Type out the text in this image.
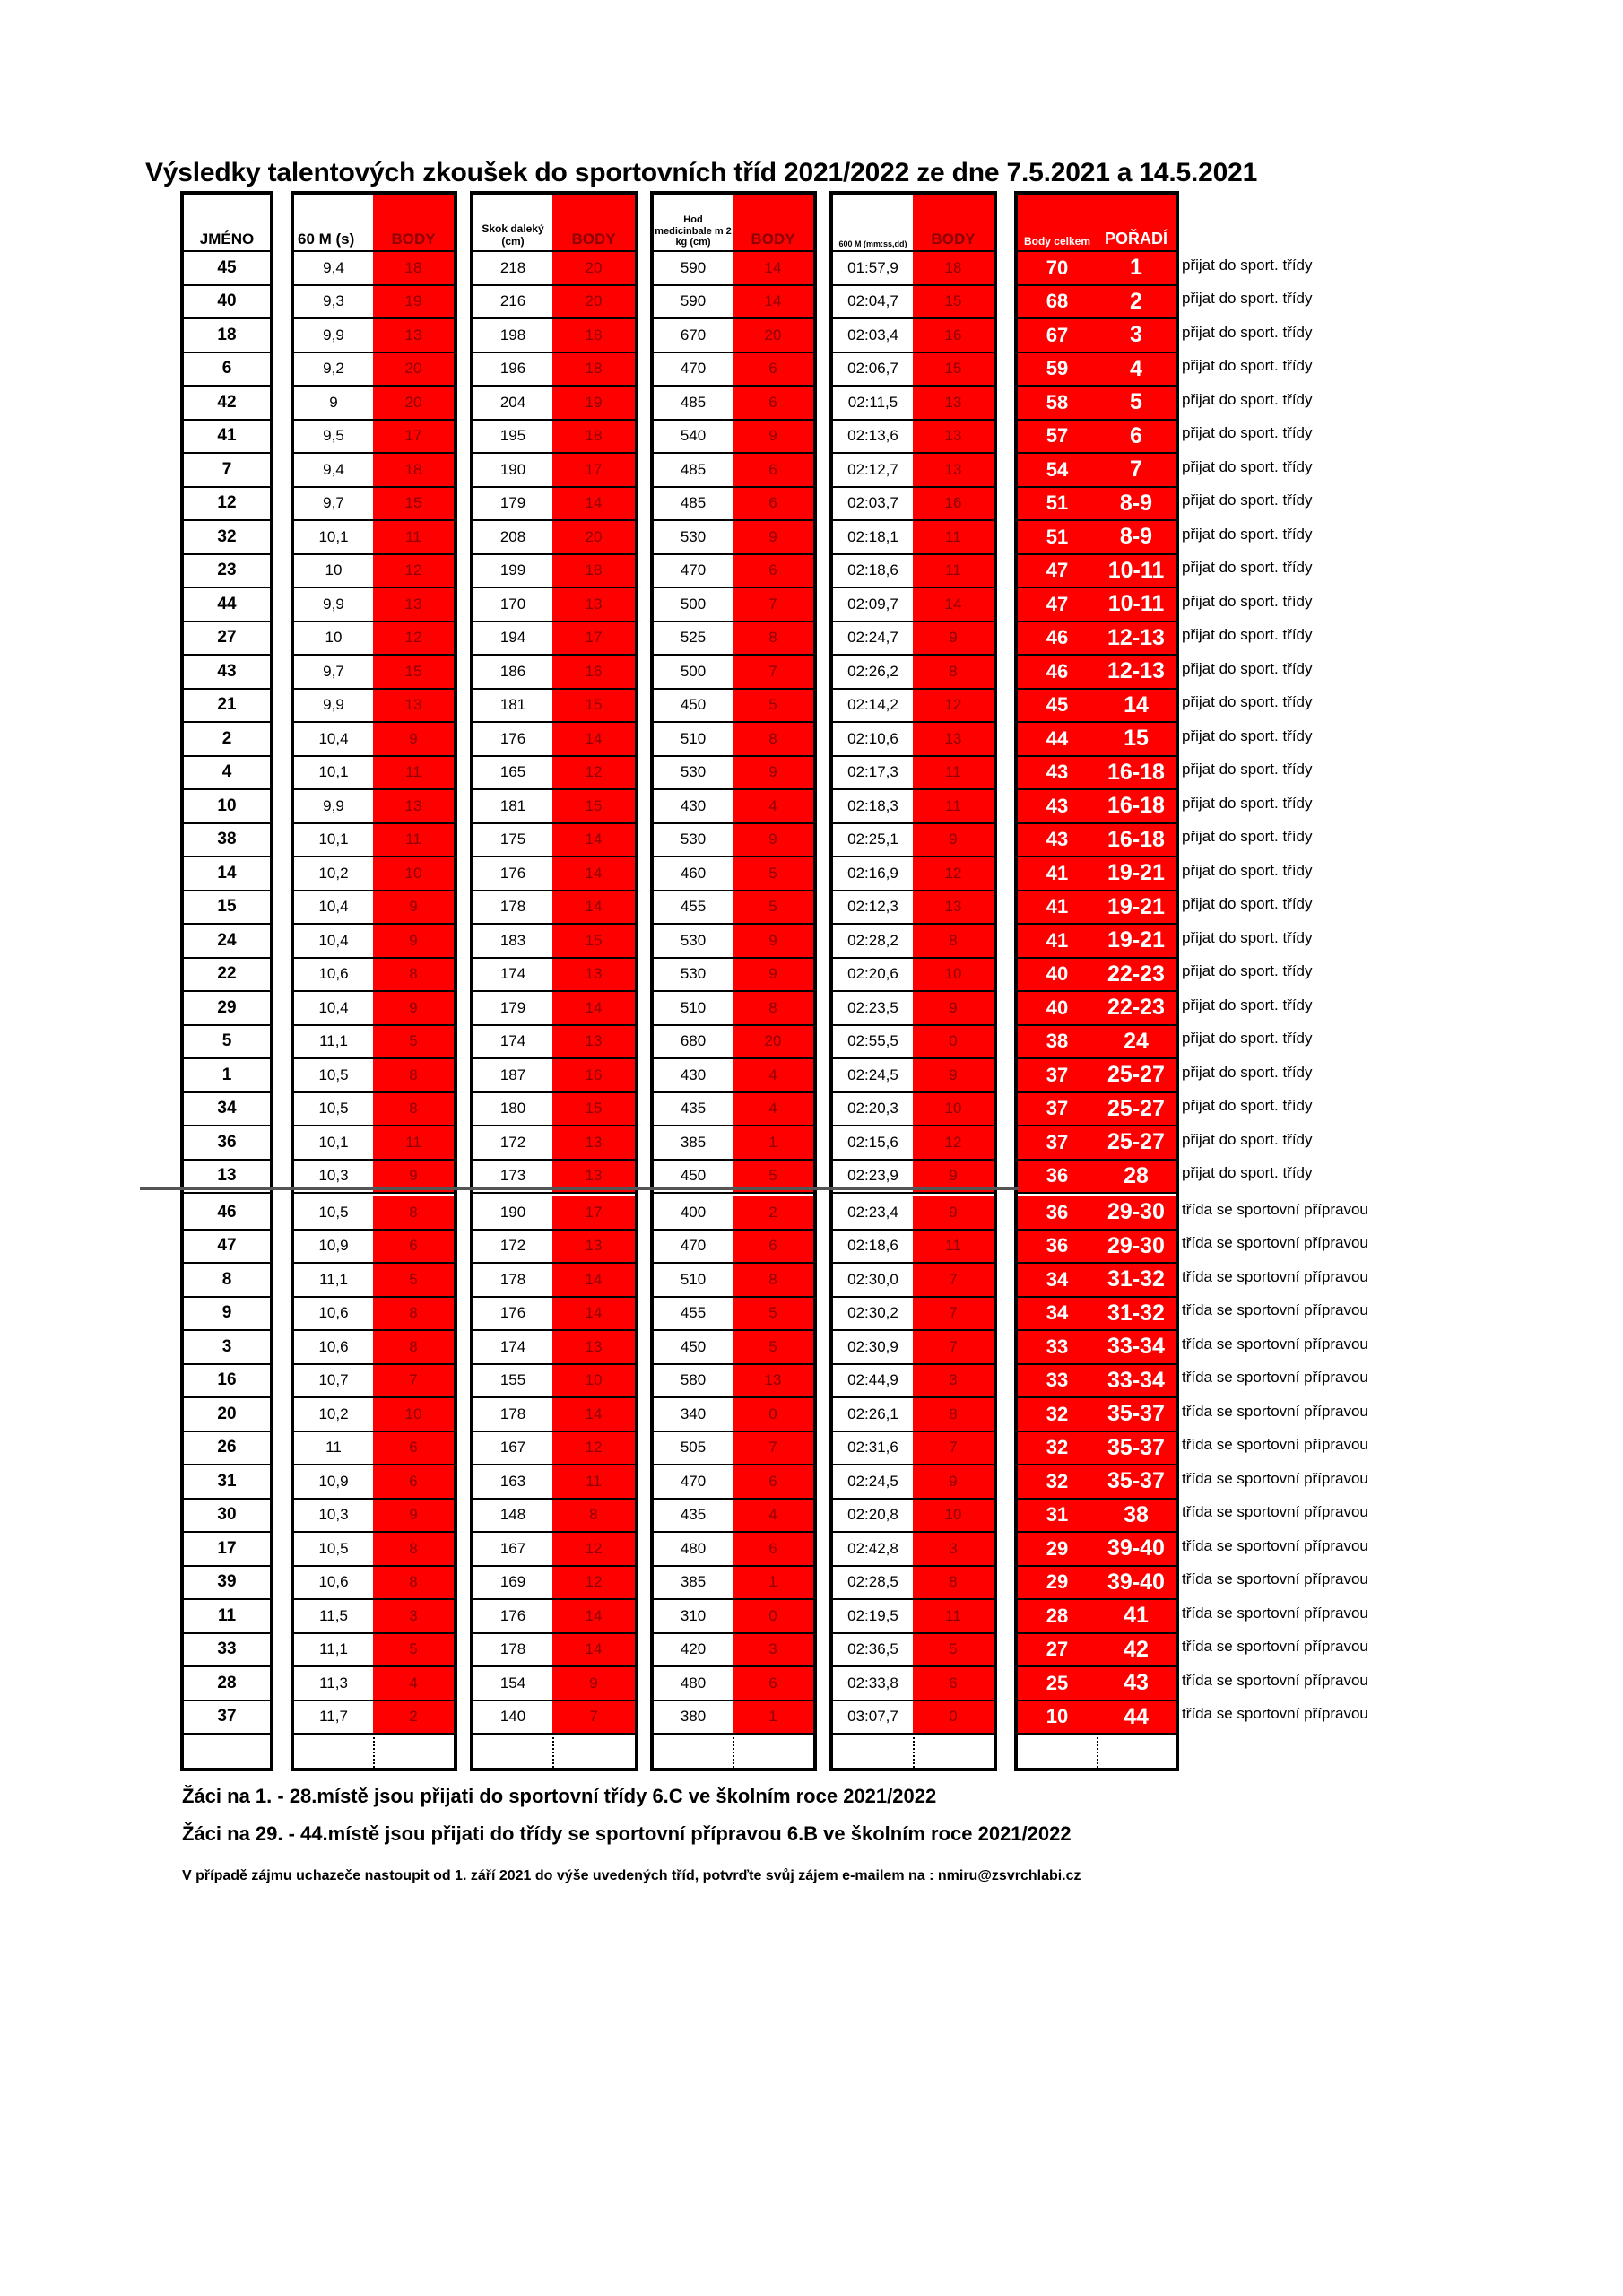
Výsledky talentových zkoušek do sportovních tříd 2021/2022 ze dne 7.5.2021 a 14.5.2021
JMÉNO
45
40
18
6
42
41
7
12
32
23
44
27
43
21
2
4
10
38
14
15
24
22
29
5
1
34
36
13
46
47
8
9
3
16
20
26
31
30
17
39
11
33
28
37
60 M (s)
9,4
9,3
9,9
9,2
9
9,5
9,4
9,7
10,1
10
9,9
10
9,7
9,9
10,4
10,1
9,9
10,1
10,2
10,4
10,4
10,6
10,4
11,1
10,5
10,5
10,1
10,3
10,5
10,9
11,1
10,6
10,6
10,7
10,2
11
10,9
10,3
10,5
10,6
11,5
11,1
11,3
11,7
BODY
18
19
13
20
20
17
18
15
11
12
13
12
15
13
9
11
13
11
10
9
9
8
9
5
8
8
11
9
8
6
5
8
8
7
10
6
6
9
8
8
3
5
4
2
Skok daleký (cm)
218
216
198
196
204
195
190
179
208
199
170
194
186
181
176
165
181
175
176
178
183
174
179
174
187
180
172
173
190
172
178
176
174
155
178
167
163
148
167
169
176
178
154
140
BODY
20
20
18
18
19
18
17
14
20
18
13
17
16
15
14
12
15
14
14
14
15
13
14
13
16
15
13
13
17
13
14
14
13
10
14
12
11
8
12
12
14
14
9
7
Hod medicinbale m 2 kg (cm)
590
590
670
470
485
540
485
485
530
470
500
525
500
450
510
530
430
530
460
455
530
530
510
680
430
435
385
450
400
470
510
455
450
580
340
505
470
435
480
385
310
420
480
380
BODY
14
14
20
6
6
9
6
6
9
6
7
8
7
5
8
9
4
9
5
5
9
9
8
20
4
4
1
5
2
6
8
5
5
13
0
7
6
4
6
1
0
3
6
1
600 M (mm:ss,dd)
01:57,9
02:04,7
02:03,4
02:06,7
02:11,5
02:13,6
02:12,7
02:03,7
02:18,1
02:18,6
02:09,7
02:24,7
02:26,2
02:14,2
02:10,6
02:17,3
02:18,3
02:25,1
02:16,9
02:12,3
02:28,2
02:20,6
02:23,5
02:55,5
02:24,5
02:20,3
02:15,6
02:23,9
02:23,4
02:18,6
02:30,0
02:30,2
02:30,9
02:44,9
02:26,1
02:31,6
02:24,5
02:20,8
02:42,8
02:28,5
02:19,5
02:36,5
02:33,8
03:07,7
BODY
18
15
16
15
13
13
13
16
11
11
14
9
8
12
13
11
11
9
12
13
8
10
9
0
9
10
12
9
9
11
7
7
7
3
8
7
9
10
3
8
11
5
6
0
Body celkem
70
68
67
59
58
57
54
51
51
47
47
46
46
45
44
43
43
43
41
41
41
40
40
38
37
37
37
36
36
36
34
34
33
33
32
32
32
31
29
29
28
27
25
10
POŘADÍ
1
2
3
4
5
6
7
8-9
8-9
10-11
10-11
12-13
12-13
14
15
16-18
16-18
16-18
19-21
19-21
19-21
22-23
22-23
24
25-27
25-27
25-27
28
29-30
29-30
31-32
31-32
33-34
33-34
35-37
35-37
35-37
38
39-40
39-40
41
42
43
44
Žáci na 1. - 28.místě jsou přijati do sportovní třídy 6.C ve školním roce 2021/2022
Žáci na 29. - 44.místě jsou přijati do třídy se sportovní přípravou 6.B ve školním roce 2021/2022
V případě zájmu uchazeče nastoupit od 1. září 2021 do výše uvedených tříd, potvrďte svůj zájem e-mailem na : nmiru@zsvrchlabi.cz
přijat do sport. třídy
přijat do sport. třídy
přijat do sport. třídy
přijat do sport. třídy
přijat do sport. třídy
přijat do sport. třídy
přijat do sport. třídy
přijat do sport. třídy
přijat do sport. třídy
přijat do sport. třídy
přijat do sport. třídy
přijat do sport. třídy
přijat do sport. třídy
přijat do sport. třídy
přijat do sport. třídy
přijat do sport. třídy
přijat do sport. třídy
přijat do sport. třídy
přijat do sport. třídy
přijat do sport. třídy
přijat do sport. třídy
přijat do sport. třídy
přijat do sport. třídy
přijat do sport. třídy
přijat do sport. třídy
přijat do sport. třídy
přijat do sport. třídy
přijat do sport. třídy
třída se sportovní přípravou
třída se sportovní přípravou
třída se sportovní přípravou
třída se sportovní přípravou
třída se sportovní přípravou
třída se sportovní přípravou
třída se sportovní přípravou
třída se sportovní přípravou
třída se sportovní přípravou
třída se sportovní přípravou
třída se sportovní přípravou
třída se sportovní přípravou
třída se sportovní přípravou
třída se sportovní přípravou
třída se sportovní přípravou
třída se sportovní přípravou
